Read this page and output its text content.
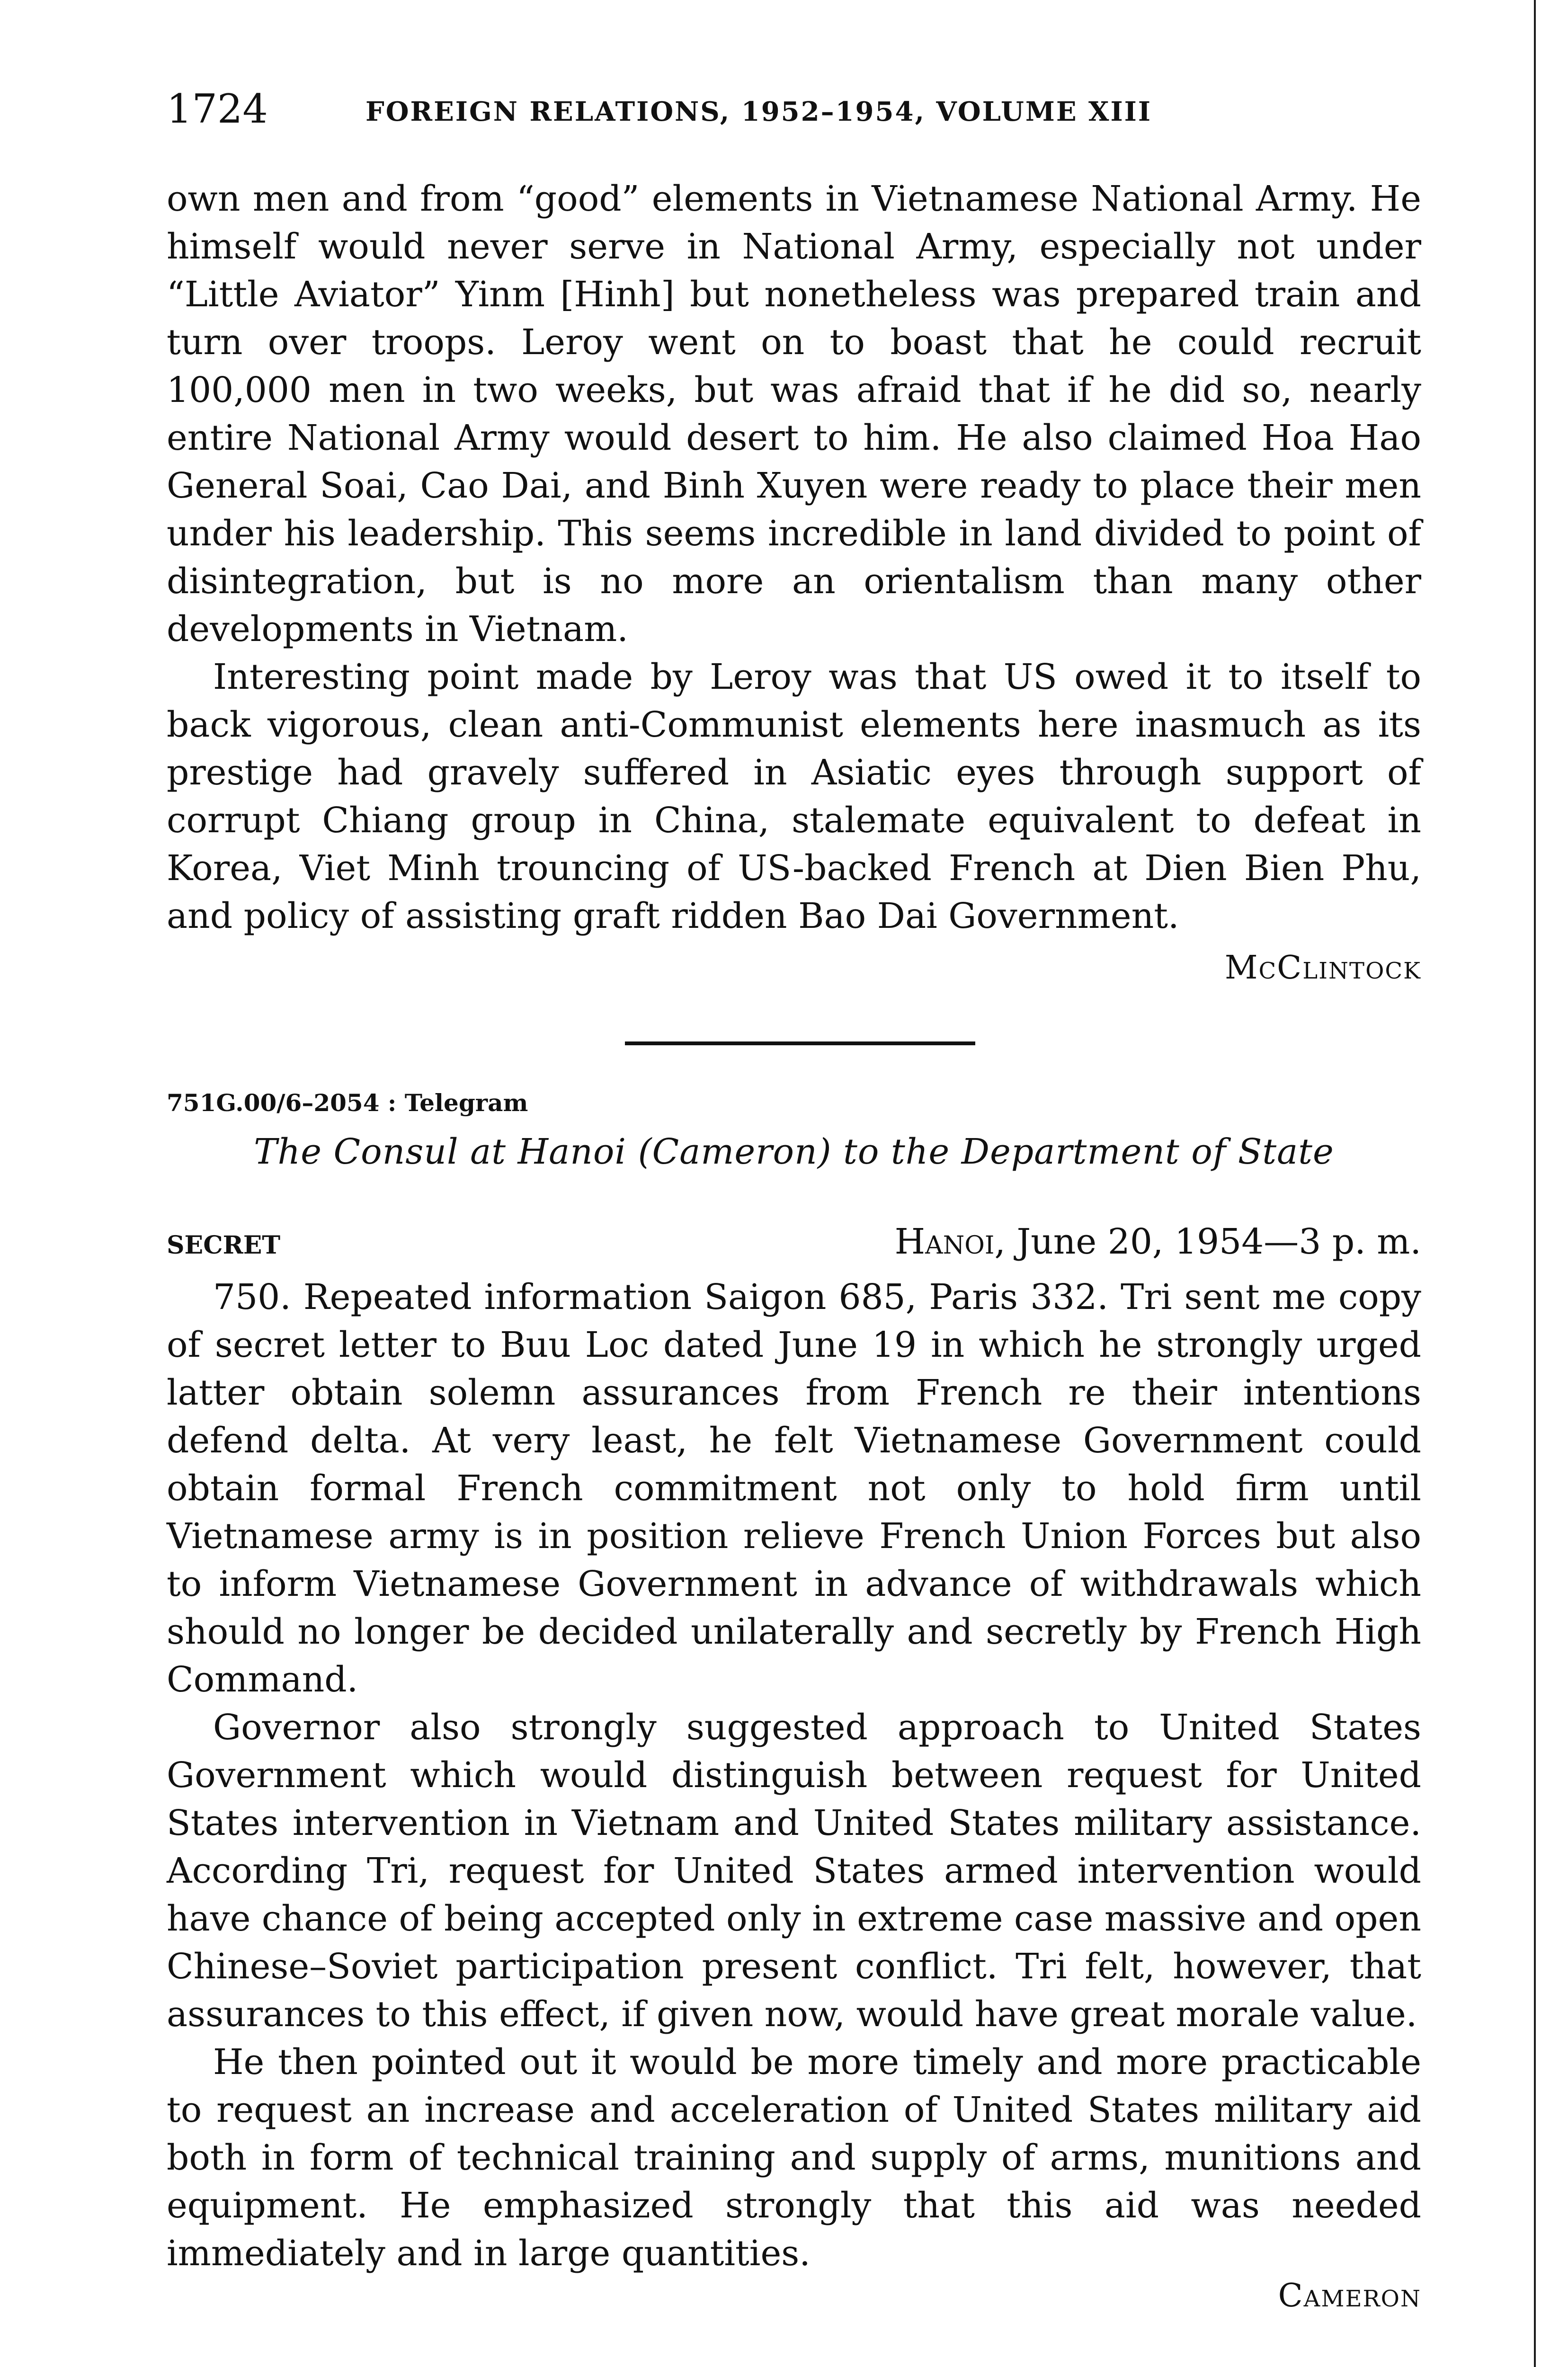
1724	FOREIGN RELATIONS, 1952–1954, VOLUME XIII

own men and from “good” elements in Vietnamese National Army. He himself would never serve in National Army, especially not under “Little Aviator” Yinm [Hinh] but nonetheless was prepared train and turn over troops. Leroy went on to boast that he could recruit 100,000 men in two weeks, but was afraid that if he did so, nearly entire National Army would desert to him. He also claimed Hoa Hao General Soai, Cao Dai, and Binh Xuyen were ready to place their men under his leadership. This seems incredible in land divided to point of disintegration, but is no more an orientalism than many other developments in Vietnam.

Interesting point made by Leroy was that US owed it to itself to back vigorous, clean anti-Communist elements here inasmuch as its prestige had gravely suffered in Asiatic eyes through support of corrupt Chiang group in China, stalemate equivalent to defeat in Korea, Viet Minh trouncing of US-backed French at Dien Bien Phu, and policy of assisting graft ridden Bao Dai Government.

McClintock
751G.00/6–2054 : Telegram
The Consul at Hanoi (Cameron) to the Department of State
SECRET	Hanoi, June 20, 1954—3 p. m.

750. Repeated information Saigon 685, Paris 332. Tri sent me copy of secret letter to Buu Loc dated June 19 in which he strongly urged latter obtain solemn assurances from French re their intentions defend delta. At very least, he felt Vietnamese Government could obtain formal French commitment not only to hold firm until Vietnamese army is in position relieve French Union Forces but also to inform Vietnamese Government in advance of withdrawals which should no longer be decided unilaterally and secretly by French High Command.

Governor also strongly suggested approach to United States Government which would distinguish between request for United States intervention in Vietnam and United States military assistance. According Tri, request for United States armed intervention would have chance of being accepted only in extreme case massive and open Chinese–Soviet participation present conflict. Tri felt, however, that assurances to this effect, if given now, would have great morale value.

He then pointed out it would be more timely and more practicable to request an increase and acceleration of United States military aid both in form of technical training and supply of arms, munitions and equipment. He emphasized strongly that this aid was needed immediately and in large quantities.

Cameron
